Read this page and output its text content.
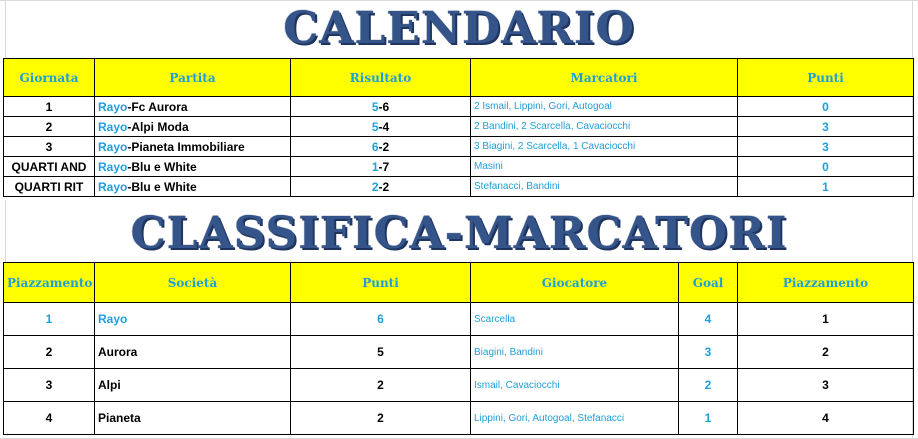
CALENDARIO
Giornata	Partita	Risultato	Marcatori	Punti
1	Rayo-Fc Aurora	5-6	2 Ismail, Lippini, Gori, Autogoal	0
2	Rayo-Alpi Moda	5-4	2 Bandini, 2 Scarcella, Cavaciocchi	3
3	Rayo-Pianeta Immobiliare	6-2	3 Biagini, 2 Scarcella, 1 Cavaciocchi	3
QUARTI AND	Rayo-Blu e White	1-7	Masini	0
QUARTI RIT	Rayo-Blu e White	2-2	Stefanacci, Bandini	1
CLASSIFICA-MARCATORI
Piazzamento	Società	Punti	Giocatore	Goal	Piazzamento
1	Rayo	6	Scarcella	4	1
2	Aurora	5	Biagini, Bandini	3	2
3	Alpi	2	Ismail, Cavaciocchi	2	3
4	Pianeta	2	Lippini, Gori, Autogoal, Stefanacci	1	4
